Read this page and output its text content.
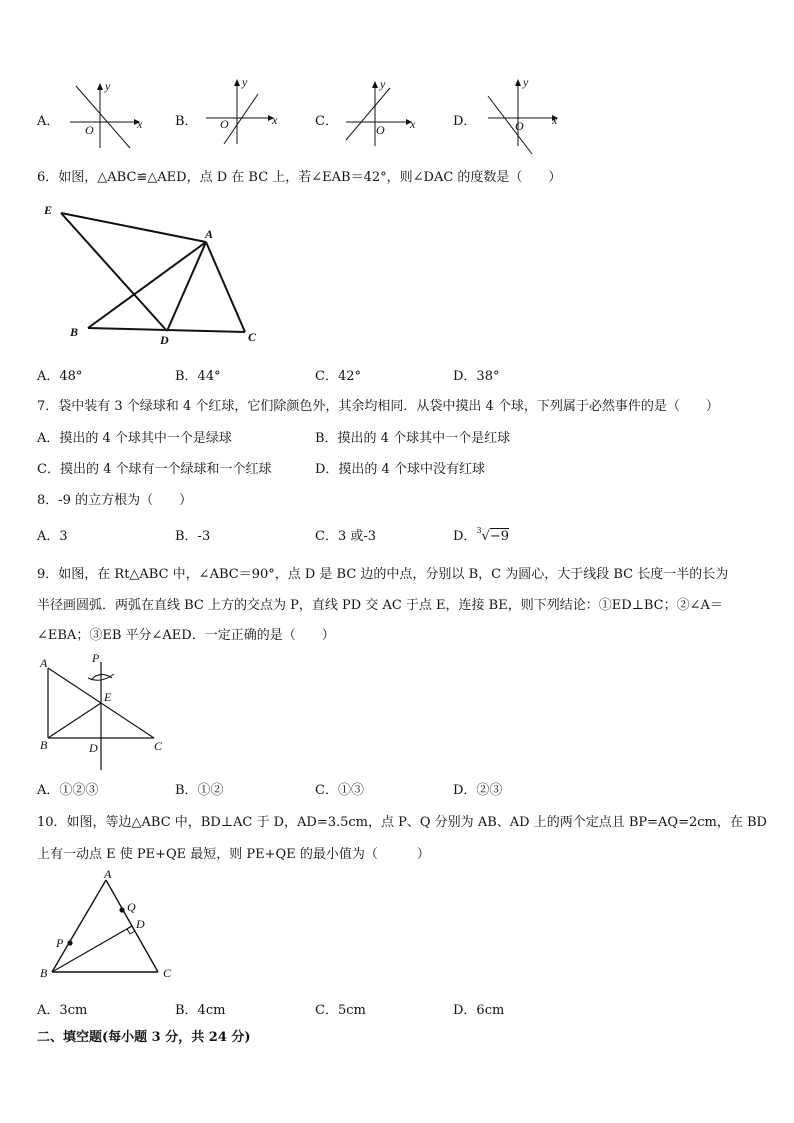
A．
y
x
O
B．
y
x
O	C．
y
x
O
D．
y
x
O
6．如图，△ABC≌△AED，点 D 在 BC 上，若∠EAB＝42°，则∠DAC 的度数是（　　）
E
A
B
D	C
A．48°	B．44°	C．42°	D．38°
7．袋中装有 3 个绿球和 4 个红球，它们除颜色外，其余均相同．从袋中摸出 4 个球，下列属于必然事件的是（　　）
A．摸出的 4 个球其中一个是绿球	B．摸出的 4 个球其中一个是红球
C．摸出的 4 个球有一个绿球和一个红球	D．摸出的 4 个球中没有红球
8．-9 的立方根为（　　）
A．3	B．-3	C．3 或-3	D．$^3$√−9
9．如图，在 Rt△ABC 中，∠ABC＝90°，点 D 是 BC 边的中点，分别以 B，C 为圆心，大于线段 BC 长度一半的长为
半径画圆弧．两弧在直线 BC 上方的交点为 P，直线 PD 交 AC 于点 E，连接 BE，则下列结论：①ED⊥BC；②∠A＝
∠EBA；③EB 平分∠AED．一定正确的是（　　）
A	P
E
B	D	C
A．①②③	B．①②	C．①③	D．②③
10．如图，等边△ABC 中，BD⊥AC 于 D，AD=3.5cm，点 P、Q 分别为 AB、AD 上的两个定点且 BP=AQ=2cm，在 BD
上有一动点 E 使 PE+QE 最短，则 PE+QE 的最小值为（　　　）
A
Q
D
P
B	C
A．3cm	B．4cm	C．5cm	D．6cm
二、填空题(每小题 3 分，共 24 分)
